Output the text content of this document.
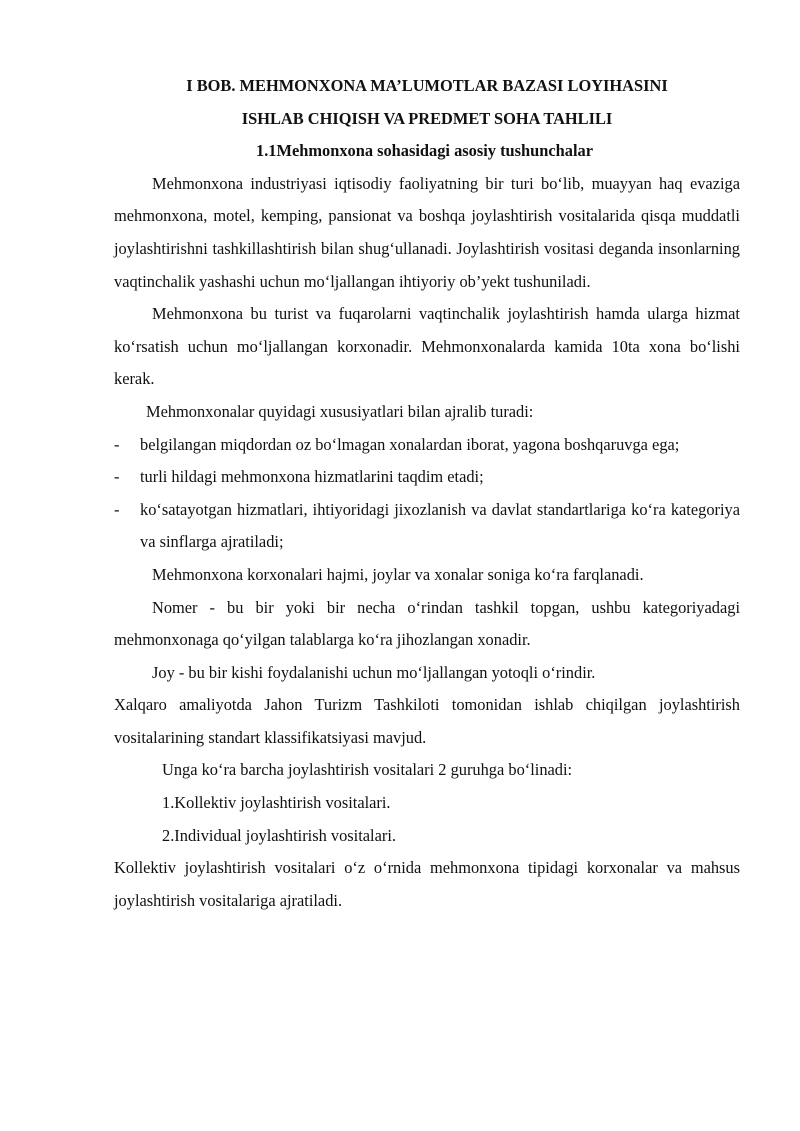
I BOB. MEHMONXONA MA’LUMOTLAR BAZASI LOYIHASINI

ISHLAB CHIQISH VA PREDMET SOHA TAHLILI

1.1Mehmonxona sohasidagi asosiy tushunchalar

Mehmonxona industriyasi iqtisodiy faoliyatning bir turi bo‘lib, muayyan haq evaziga mehmonxona, motel, kemping, pansionat va boshqa joylashtirish vositalarida qisqa muddatli joylashtirishni tashkillashtirish bilan shug‘ullanadi. Joylashtirish vositasi deganda insonlarning vaqtinchalik yashashi uchun mo‘ljallangan ihtiyoriy ob’yekt tushuniladi.

Mehmonxona bu turist va fuqarolarni vaqtinchalik joylashtirish hamda ularga hizmat ko‘rsatish uchun mo‘ljallangan korxonadir. Mehmonxonalarda kamida 10ta xona bo‘lishi kerak.

Mehmonxonalar quyidagi xususiyatlari bilan ajralib turadi:

- belgilangan miqdordan oz bo‘lmagan xonalardan iborat, yagona boshqaruvga ega;
- turli hildagi mehmonxona hizmatlarini taqdim etadi;
- ko‘satayotgan hizmatlari, ihtiyoridagi jixozlanish va davlat standartlariga ko‘ra kategoriya va sinflarga ajratiladi;

Mehmonxona korxonalari hajmi, joylar va xonalar soniga ko‘ra farqlanadi.

Nomer - bu bir yoki bir necha o‘rindan tashkil topgan, ushbu kategoriyadagi mehmonxonaga qo‘yilgan talablarga ko‘ra jihozlangan xonadir.

Joy - bu bir kishi foydalanishi uchun mo‘ljallangan yotoqli o‘rindir.

Xalqaro amaliyotda Jahon Turizm Tashkiloti tomonidan ishlab chiqilgan joylashtirish vositalarining standart klassifikatsiyasi mavjud.

Unga ko‘ra barcha joylashtirish vositalari 2 guruhga bo‘linadi:

1.Kollektiv joylashtirish vositalari.

2.Individual joylashtirish vositalari.

Kollektiv joylashtirish vositalari o‘z o‘rnida mehmonxona tipidagi korxonalar va mahsus joylashtirish vositalariga ajratiladi.
